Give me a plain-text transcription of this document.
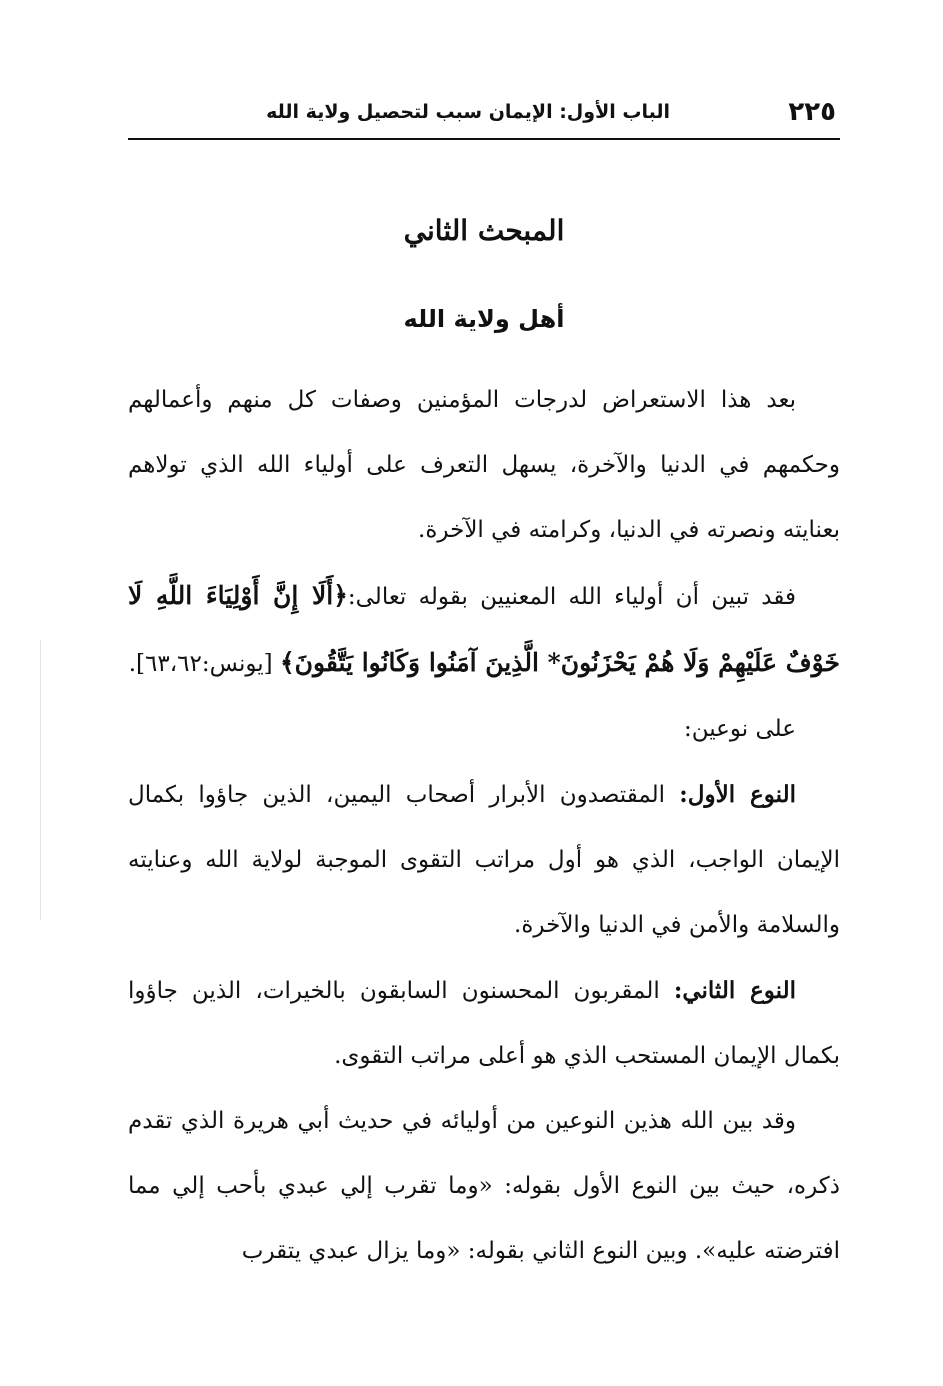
٢٢٥
الباب الأول: الإيمان سبب لتحصيل ولاية الله
المبحث الثاني
أهل ولاية الله

بعد هذا الاستعراض لدرجات المؤمنين وصفات كل منهم وأعمالهم وحكمهم في الدنيا والآخرة، يسهل التعرف على أولياء الله الذي تولاهم بعنايته ونصرته في الدنيا، وكرامته في الآخرة.

فقد تبين أن أولياء الله المعنيين بقوله تعالى:﴿أَلَا إِنَّ أَوْلِيَاءَ اللَّهِ لَا خَوْفٌ عَلَيْهِمْ وَلَا هُمْ يَحْزَنُونَ* الَّذِينَ آمَنُوا وَكَانُوا يَتَّقُونَ﴾ [يونس:٦٣،٦٢].

على نوعين:

النوع الأول: المقتصدون الأبرار أصحاب اليمين، الذين جاؤوا بكمال الإيمان الواجب، الذي هو أول مراتب التقوى الموجبة لولاية الله وعنايته والسلامة والأمن في الدنيا والآخرة.

النوع الثاني: المقربون المحسنون السابقون بالخيرات، الذين جاؤوا بكمال الإيمان المستحب الذي هو أعلى مراتب التقوى.

وقد بين الله هذين النوعين من أوليائه في حديث أبي هريرة الذي تقدم ذكره، حيث بين النوع الأول بقوله: «وما تقرب إلي عبدي بأحب إلي مما افترضته عليه». وبين النوع الثاني بقوله: «وما يزال عبدي يتقرب
